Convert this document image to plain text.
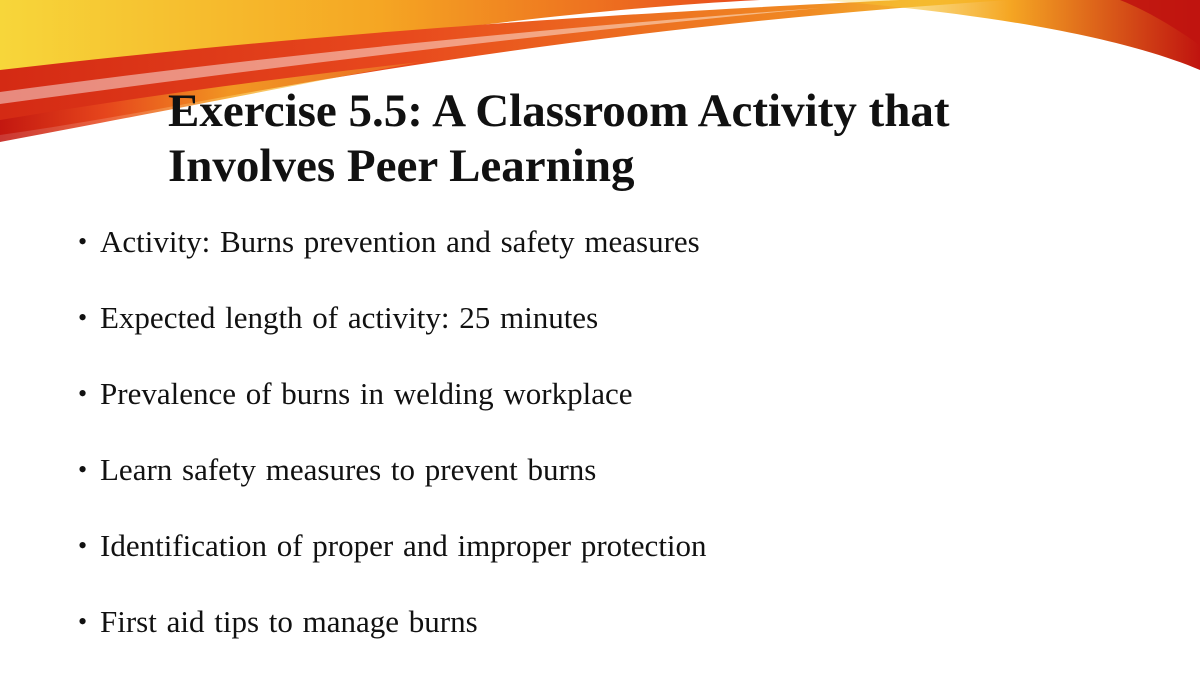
Exercise 5.5: A Classroom Activity that
Involves Peer Learning
• Activity: Burns prevention and safety measures
• Expected length of activity: 25 minutes
• Prevalence of burns in welding workplace
• Learn safety measures to prevent burns
• Identification of proper and improper protection
• First aid tips to manage burns
